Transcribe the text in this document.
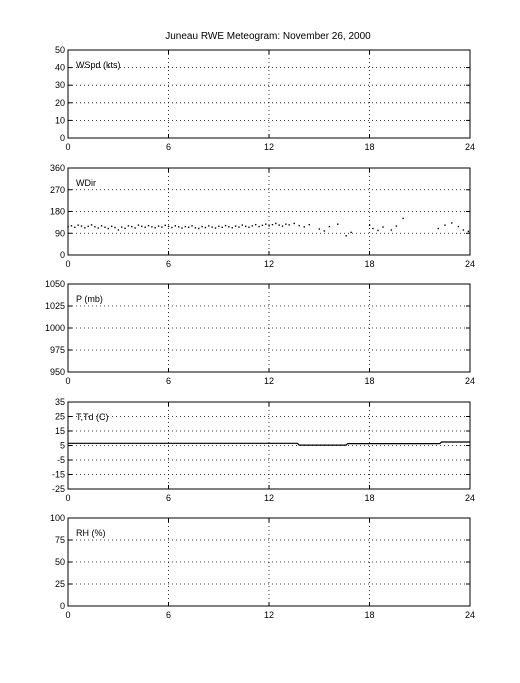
Juneau RWE Meteogram: November 26, 2000
0	6	12	18	24
0
10
20
30
40
50
WSpd (kts)
0	6	12	18	24
0
90
180
270
360
WDir
0	6	12	18	24
950
975
1000
1025
1050
P (mb)
0	6	12	18	24
-25
-15
-5
5
15
25
35
T,Td (C)
0	6	12	18	24
0
25
50
75
100
RH (%)
